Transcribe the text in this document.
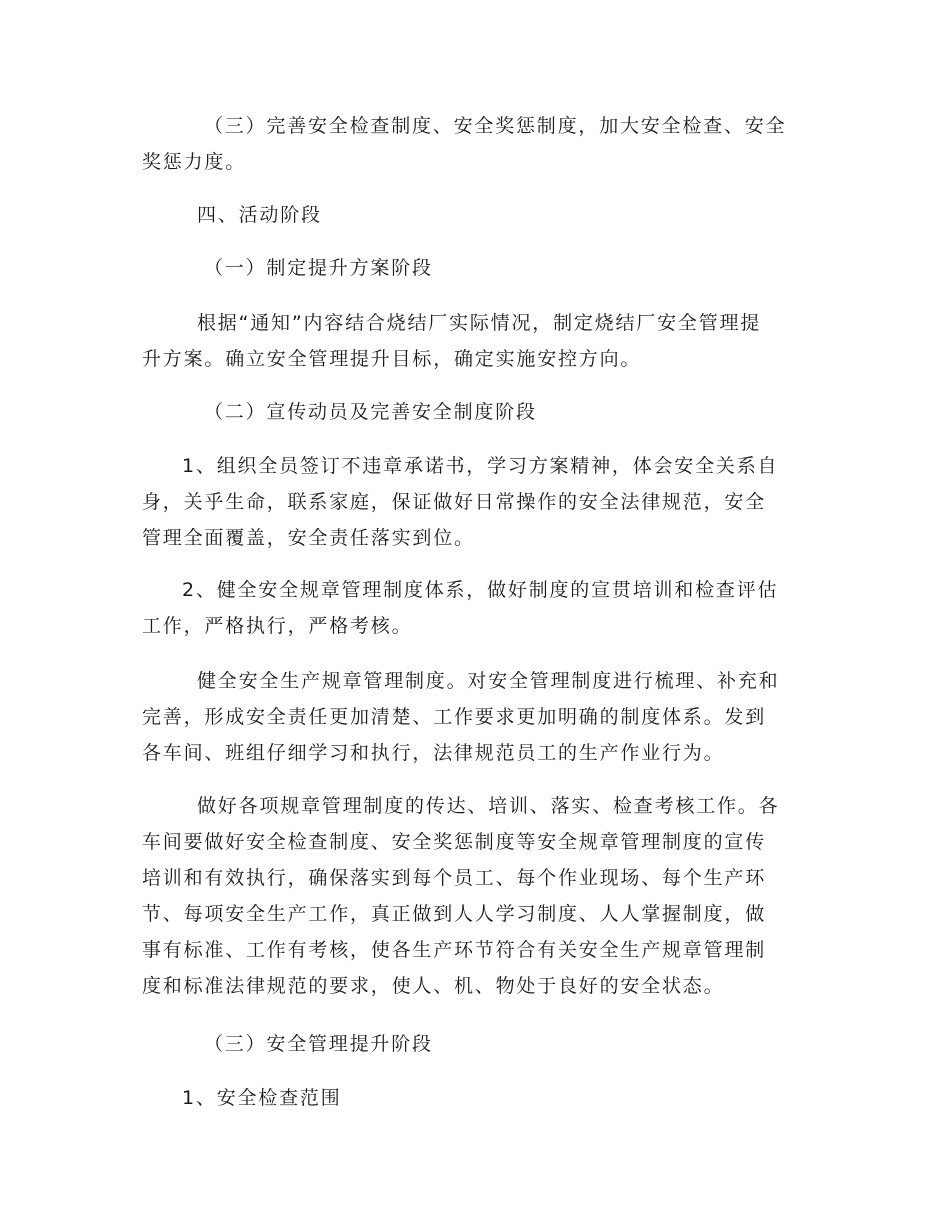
（三）完善安全检查制度、安全奖惩制度，加大安全检查、安全
奖惩力度。

四、活动阶段

（一）制定提升方案阶段

根据“通知”内容结合烧结厂实际情况，制定烧结厂安全管理提
升方案。确立安全管理提升目标，确定实施安控方向。

（二）宣传动员及完善安全制度阶段

1、组织全员签订不违章承诺书，学习方案精神，体会安全关系自
身，关乎生命，联系家庭，保证做好日常操作的安全法律规范，安全
管理全面覆盖，安全责任落实到位。

2、健全安全规章管理制度体系，做好制度的宣贯培训和检查评估
工作，严格执行，严格考核。

健全安全生产规章管理制度。对安全管理制度进行梳理、补充和
完善，形成安全责任更加清楚、工作要求更加明确的制度体系。发到
各车间、班组仔细学习和执行，法律规范员工的生产作业行为。

做好各项规章管理制度的传达、培训、落实、检查考核工作。各
车间要做好安全检查制度、安全奖惩制度等安全规章管理制度的宣传
培训和有效执行，确保落实到每个员工、每个作业现场、每个生产环
节、每项安全生产工作，真正做到人人学习制度、人人掌握制度，做
事有标准、工作有考核，使各生产环节符合有关安全生产规章管理制
度和标准法律规范的要求，使人、机、物处于良好的安全状态。

（三）安全管理提升阶段

1、安全检查范围
